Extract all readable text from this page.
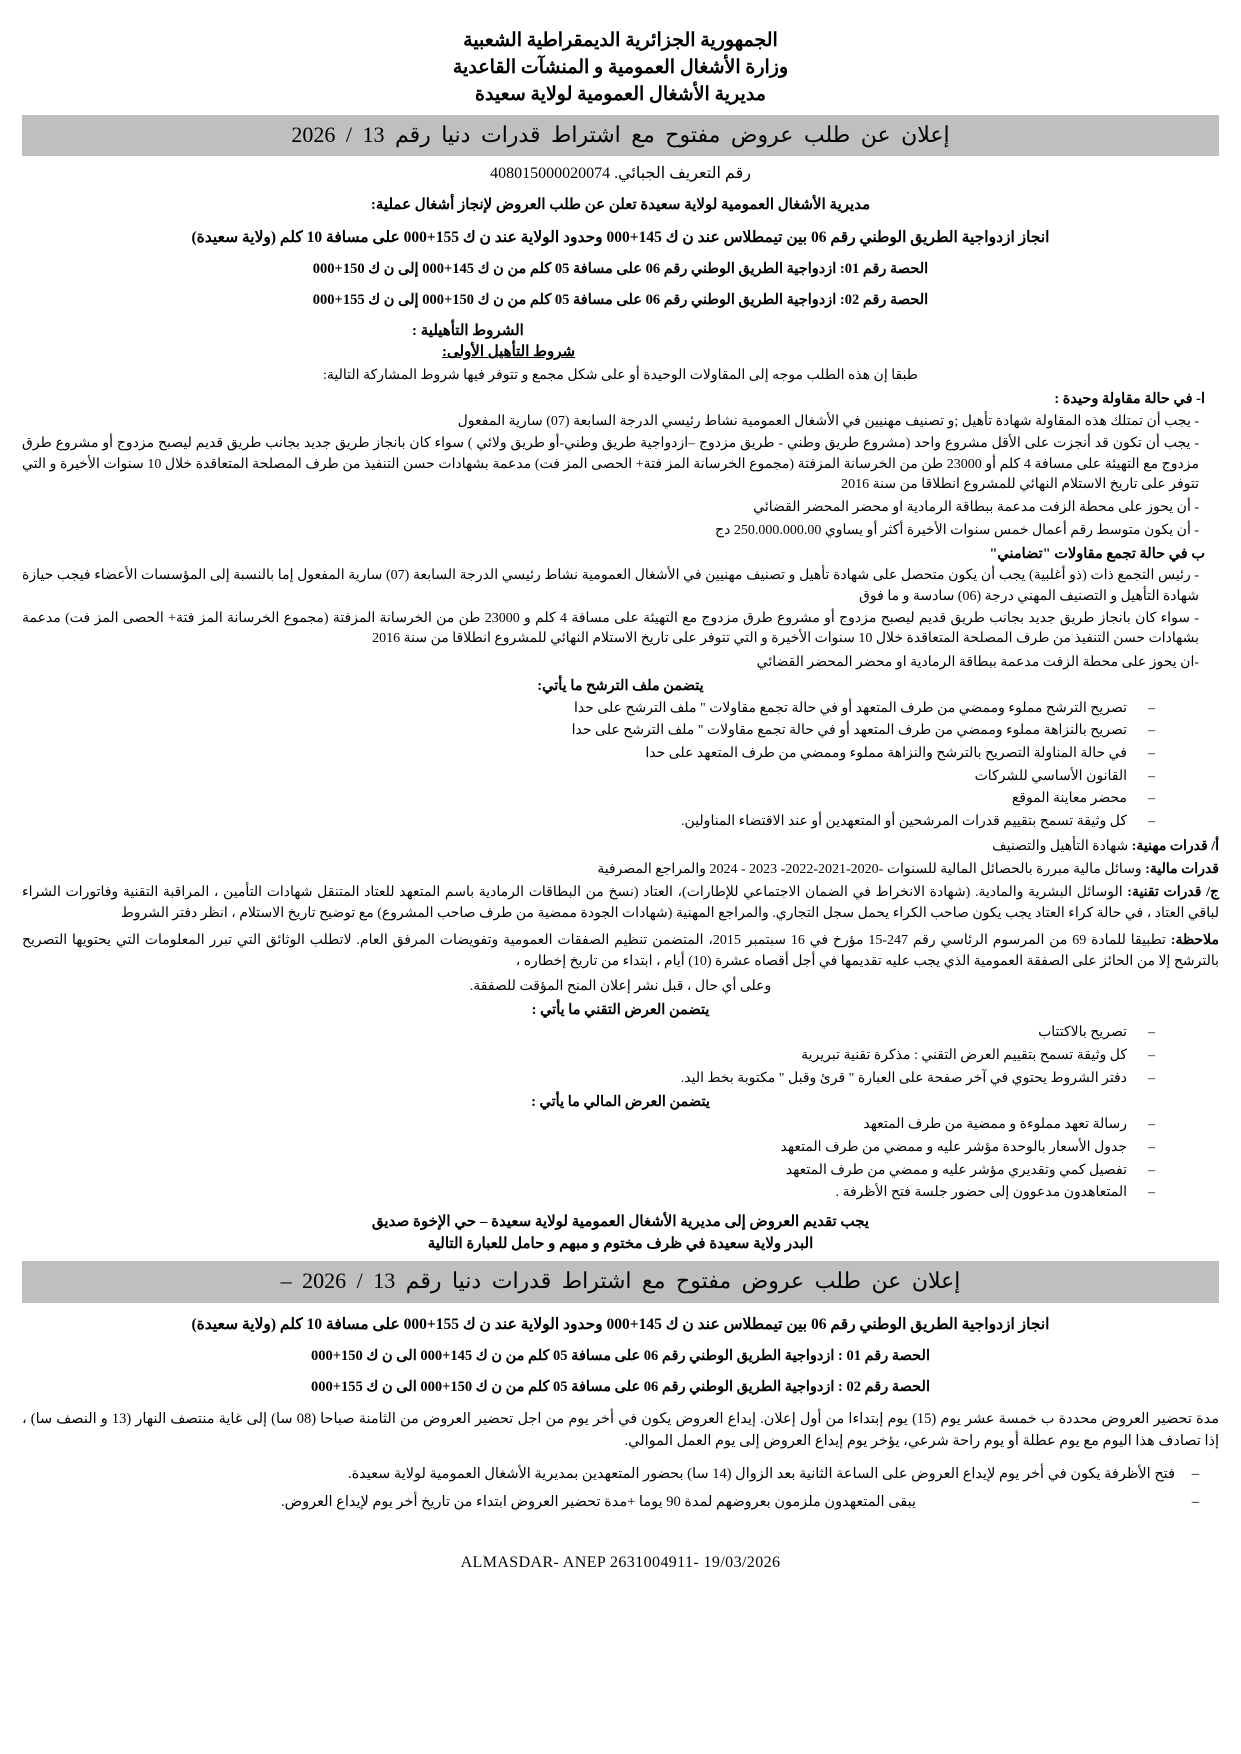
الجمهورية الجزائرية الديمقراطية الشعبية
وزارة الأشغال العمومية و المنشآت القاعدية
مديرية الأشغال العمومية لولاية سعيدة
إعلان عن طلب عروض مفتوح مع اشتراط قدرات دنيا رقم 13 / 2026
رقم التعريف الجبائي. 408015000020074
مديرية الأشغال العمومية لولاية سعيدة تعلن عن طلب العروض لإنجاز أشغال عملية:
انجاز ازدواجية الطريق الوطني رقم 06 بين تيمطلاس عند ن ك 145+000 وحدود الولاية عند ن ك 155+000 على مسافة 10 كلم (ولاية سعيدة)
الحصة رقم 01: ازدواجية الطريق الوطني رقم 06 على مسافة 05 كلم من ن ك 145+000 إلى ن ك 150+000
الحصة رقم 02: ازدواجية الطريق الوطني رقم 06 على مسافة 05 كلم من ن ك 150+000 إلى ن ك 155+000
الشروط التأهيلية :
شروط التأهيل الأولى:
طبقا إن هذه الطلب موجه إلى المقاولات الوحيدة أو على شكل مجمع و تتوفر فيها شروط المشاركة التالية:
ا- في حالة مقاولة وحيدة :
- يجب أن تمتلك هذه المقاولة شهادة تأهيل ;و تصنيف مهنيين في الأشغال العمومية نشاط رئيسي الدرجة السابعة (07) سارية المفعول
- يجب أن تكون قد أنجزت على الأقل مشروع واحد (مشروع طريق وطني - طريق مزدوج –ازدواجية طريق وطني-أو طريق ولائي ) سواء كان بانجاز طريق جديد بجانب طريق قديم ليصبح مزدوج أو مشروع طرق مزدوج مع التهيئة على مسافة 4 كلم أو 23000 طن من الخرسانة المزفتة (مجموع الخرسانة المز فتة+ الحصى المز فت) مدعمة بشهادات حسن التنفيذ من طرف المصلحة المتعاقدة خلال 10 سنوات الأخيرة و التي تتوفر على تاريخ الاستلام النهائي للمشروع انطلاقا من سنة 2016
- أن يحوز على محطة الزفت مدعمة ببطاقة الرمادية او محضر المحضر القضائي
- أن يكون متوسط رقم أعمال خمس سنوات الأخيرة أكثر أو يساوي 250.000.000.00 دج
ب في حالة تجمع مقاولات "تضامني"
- رئيس التجمع ذات (ذو أغلبية) يجب أن يكون متحصل على شهادة تأهيل و تصنيف مهنيين في الأشغال العمومية نشاط رئيسي الدرجة السابعة (07) سارية المفعول إما بالنسبة إلى المؤسسات الأعضاء فيجب حيازة شهادة التأهيل و التصنيف المهني درجة (06) سادسة و ما فوق
- سواء كان بانجاز طريق جديد بجانب طريق قديم ليصبح مزدوج أو مشروع طرق مزدوج مع التهيئة على مسافة 4 كلم و 23000 طن من الخرسانة المزفتة (مجموع الخرسانة المز فتة+ الحصى المز فت) مدعمة بشهادات حسن التنفيذ من طرف المصلحة المتعاقدة خلال 10 سنوات الأخيرة و التي تتوفر على تاريخ الاستلام النهائي للمشروع انطلاقا من سنة 2016
-ان يحوز على محطة الزفت مدعمة ببطاقة الرمادية او محضر المحضر القضائي
يتضمن ملف الترشح ما يأتي:
– تصريح الترشح مملوء وممضي من طرف المتعهد أو في حالة تجمع مقاولات " ملف الترشح على حدا
– تصريح بالنزاهة مملوء وممضي من طرف المتعهد أو في حالة تجمع مقاولات " ملف الترشح على حدا
– في حالة المناولة التصريح بالترشح والنزاهة مملوء وممضي من طرف المتعهد على حدا
– القانون الأساسي للشركات
– محضر معاينة الموقع
– كل وثيقة تسمح بتقييم قدرات المرشحين أو المتعهدين أو عند الاقتضاء المناولين.
أ/ قدرات مهنية: شهادة التأهيل والتصنيف
قدرات مالية: وسائل مالية مبررة بالحصائل المالية للسنوات -2020-2021-2022- 2023 - 2024 والمراجع المصرفية
ج/ قدرات تقنية: الوسائل البشرية والمادية. (شهادة الانخراط في الضمان الاجتماعي للإطارات)، العتاد (نسخ من البطاقات الرمادية باسم المتعهد للعتاد المتنقل شهادات التأمين ، المراقبة التقنية وفاتورات الشراء لباقي العتاد ، في حالة كراء العتاد يجب يكون صاحب الكراء يحمل سجل التجاري. والمراجع المهنية (شهادات الجودة ممضية من طرف صاحب المشروع) مع توضيح تاريخ الاستلام ، انظر دفتر الشروط
ملاحظة: تطبيقا للمادة 69 من المرسوم الرئاسي رقم 247-15 مؤرخ في 16 سبتمبر 2015، المتضمن تنظيم الصفقات العمومية وتفويضات المرفق العام. لاتطلب الوثائق التي تبرر المعلومات التي يحتويها التصريح بالترشح إلا من الحائز على الصفقة العمومية الذي يجب عليه تقديمها في أجل أقصاه عشرة (10) أيام ، ابتداء من تاريخ إخطاره ،
وعلى أي حال ، قبل نشر إعلان المنح المؤقت للصفقة.
يتضمن العرض التقني ما يأتي :
– تصريح بالاكتتاب
– كل وثيقة تسمح بتقييم العرض التقني : مذكرة تقنية تبريرية
– دفتر الشروط يحتوي في آخر صفحة على العبارة " قرئ وقبل " مكتوبة بخط اليد.
يتضمن العرض المالي ما يأتي :
– رسالة تعهد مملوءة و ممضية من طرف المتعهد
– جدول الأسعار بالوحدة مؤشر عليه و ممضي من طرف المتعهد
– تفصيل كمي وتقديري مؤشر عليه و ممضي من طرف المتعهد
– المتعاهدون مدعوون إلى حضور جلسة فتح الأظرفة .
يجب تقديم العروض إلى مديرية الأشغال العمومية لولاية سعيدة – حي الإخوة صديق
البدر ولاية سعيدة في ظرف مختوم و مبهم و حامل للعبارة التالية
إعلان عن طلب عروض مفتوح مع اشتراط قدرات دنيا رقم 13 / 2026 –
انجاز ازدواجية الطريق الوطني رقم 06 بين تيمطلاس عند ن ك 145+000 وحدود الولاية عند ن ك 155+000 على مسافة 10 كلم (ولاية سعيدة)
الحصة رقم 01 : ازدواجية الطريق الوطني رقم 06 على مسافة 05 كلم من ن ك 145+000 الى ن ك 150+000
الحصة رقم 02 : ازدواجية الطريق الوطني رقم 06 على مسافة 05 كلم من ن ك 150+000 الى ن ك 155+000
مدة تحضير العروض محددة ب خمسة عشر يوم (15) يوم إبتداءا من أول إعلان. إيداع العروض يكون في أخر يوم من اجل تحضير العروض من الثامنة صباحا (08 سا) إلى غاية منتصف النهار (13 و النصف سا) ، إذا تصادف هذا اليوم مع يوم عطلة أو يوم راحة شرعي، يؤخر يوم إيداع العروض إلى يوم العمل الموالي.
– فتح الأظرفة يكون في أخر يوم لإيداع العروض على الساعة الثانية بعد الزوال (14 سا) بحضور المتعهدين بمديرية الأشغال العمومية لولاية سعيدة.
– يبقى المتعهدون ملزمون بعروضهم لمدة 90 يوما +مدة تحضير العروض ابتداء من تاريخ أخر يوم لإيداع العروض.
ALMASDAR- ANEP 2631004911- 19/03/2026
